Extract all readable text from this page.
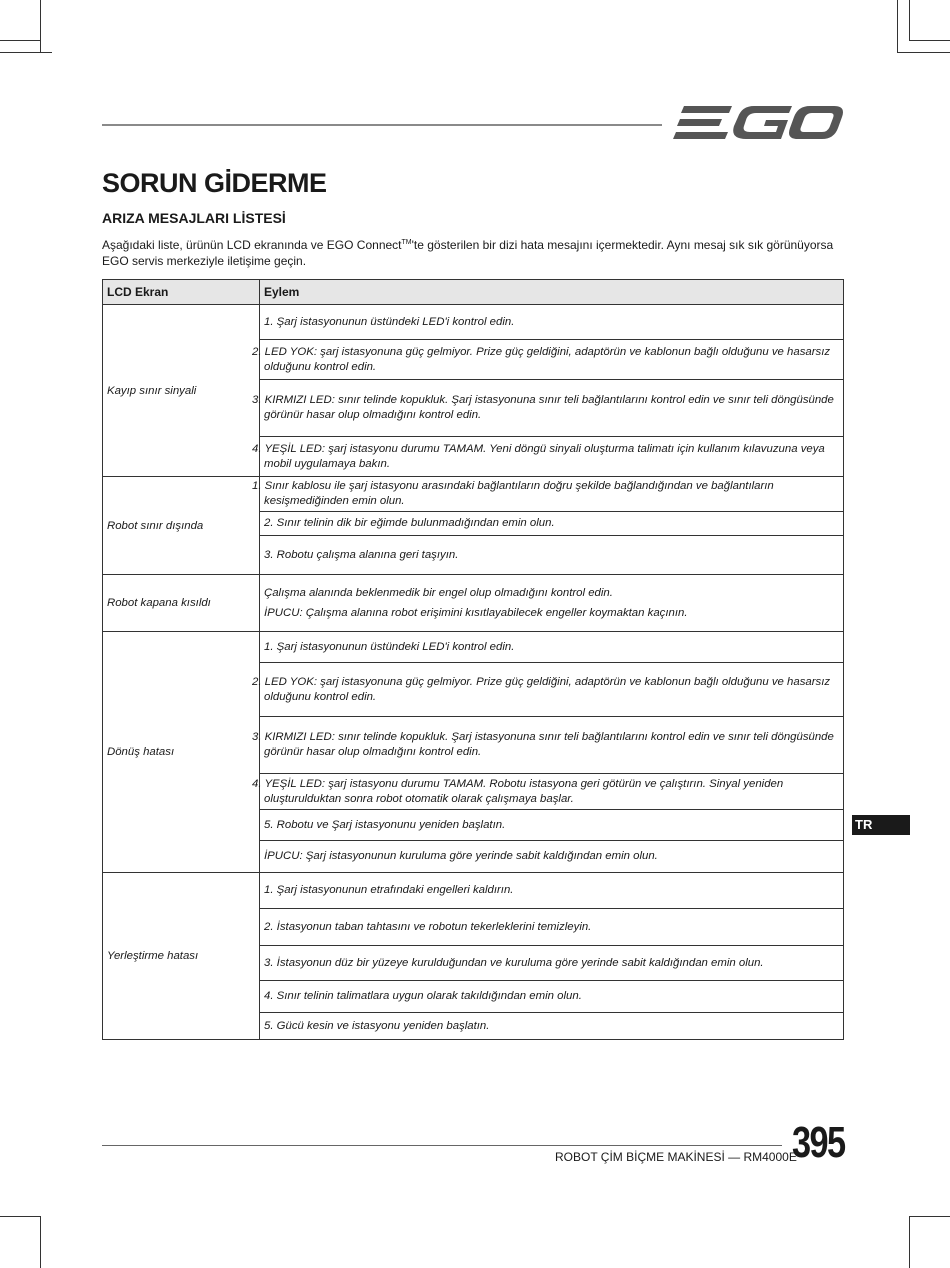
SORUN GİDERME
ARIZA MESAJLARI LİSTESİ

Aşağıdaki liste, ürünün LCD ekranında ve EGO Connect™'te gösterilen bir dizi hata mesajını içermektedir. Aynı mesaj sık sık görünüyorsa EGO servis merkeziyle iletişime geçin.

LCD Ekran	Eylem
Kayıp sınır sinyali	1. Şarj istasyonunun üstündeki LED'i kontrol edin.
	2. LED YOK: şarj istasyonuna güç gelmiyor. Prize güç geldiğini, adaptörün ve kablonun bağlı olduğunu ve hasarsız olduğunu kontrol edin.
	3. KIRMIZI LED: sınır telinde kopukluk. Şarj istasyonuna sınır teli bağlantılarını kontrol edin ve sınır teli döngüsünde görünür hasar olup olmadığını kontrol edin.
	4. YEŞİL LED: şarj istasyonu durumu TAMAM. Yeni döngü sinyali oluşturma talimatı için kullanım kılavuzuna veya mobil uygulamaya bakın.
Robot sınır dışında	1. Sınır kablosu ile şarj istasyonu arasındaki bağlantıların doğru şekilde bağlandığından ve bağlantıların kesişmediğinden emin olun.
	2. Sınır telinin dik bir eğimde bulunmadığından emin olun.
	3. Robotu çalışma alanına geri taşıyın.
Robot kapana kısıldı	Çalışma alanında beklenmedik bir engel olup olmadığını kontrol edin.
İPUCU: Çalışma alanına robot erişimini kısıtlayabilecek engeller koymaktan kaçının.

Dönüş hatası	1. Şarj istasyonunun üstündeki LED'i kontrol edin.
	2. LED YOK: şarj istasyonuna güç gelmiyor. Prize güç geldiğini, adaptörün ve kablonun bağlı olduğunu ve hasarsız olduğunu kontrol edin.
	3. KIRMIZI LED: sınır telinde kopukluk. Şarj istasyonuna sınır teli bağlantılarını kontrol edin ve sınır teli döngüsünde görünür hasar olup olmadığını kontrol edin.
	4. YEŞİL LED: şarj istasyonu durumu TAMAM. Robotu istasyona geri götürün ve çalıştırın. Sinyal yeniden oluşturulduktan sonra robot otomatik olarak çalışmaya başlar.
	5. Robotu ve Şarj istasyonunu yeniden başlatın.
	İPUCU: Şarj istasyonunun kuruluma göre yerinde sabit kaldığından emin olun.
Yerleştirme hatası	1. Şarj istasyonunun etrafındaki engelleri kaldırın.
	2. İstasyonun taban tahtasını ve robotun tekerleklerini temizleyin.
	3. İstasyonun düz bir yüzeye kurulduğundan ve kuruluma göre yerinde sabit kaldığından emin olun.
	4. Sınır telinin talimatlara uygun olarak takıldığından emin olun.
	5. Gücü kesin ve istasyonu yeniden başlatın.
TR
ROBOT ÇİM BİÇME MAKİNESİ — RM4000E
395
